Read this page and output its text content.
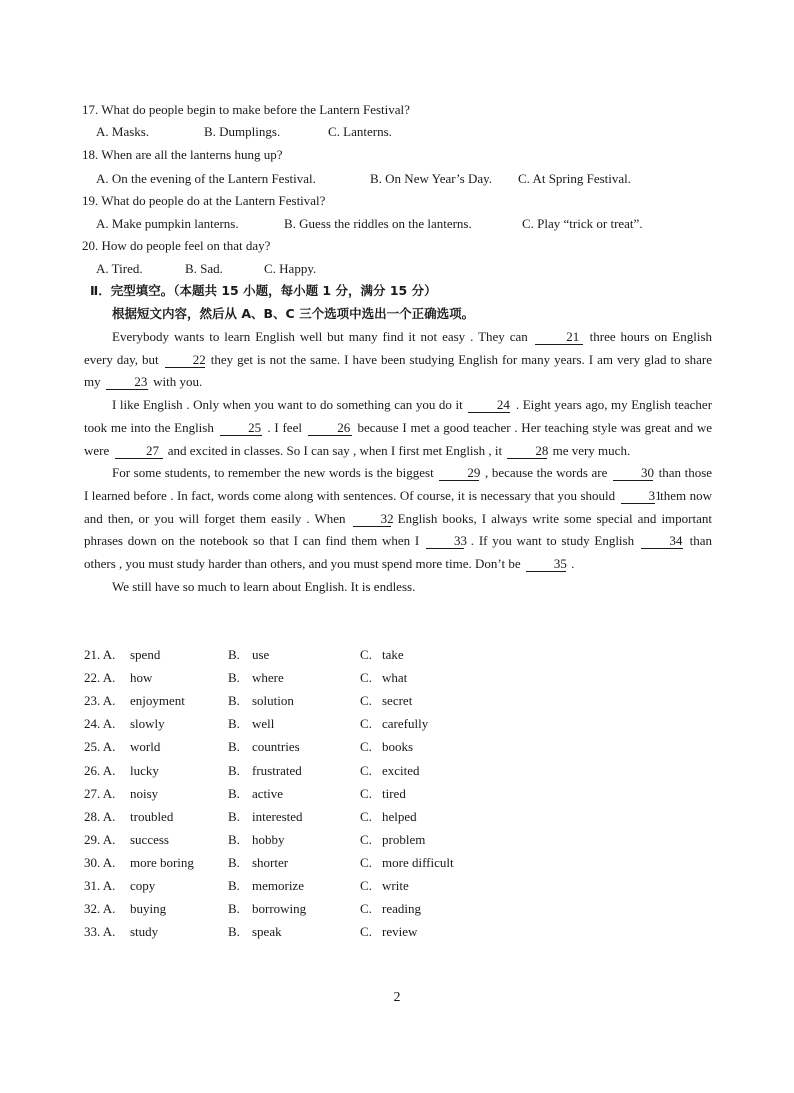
17. What do people begin to make before the Lantern Festival?
A. Masks.	B. Dumplings.	C. Lanterns.
18. When are all the lanterns hung up?
A. On the evening of the Lantern Festival.	B. On New Year’s Day. C. At Spring Festival.
19. What do people do at the Lantern Festival?
A. Make pumpkin lanterns.	B. Guess the riddles on the lanterns.	C. Play “trick or treat”.
20. How do people feel on that day?
A. Tired.	B. Sad.	C. Happy.
Ⅱ．完型填空。（本题共 15 小题，每小题 1 分，满分 15 分）
根据短文内容，然后从 A、B、C 三个选项中选出一个正确选项。

Everybody wants to learn English well but many find it not easy . They can	21 three hours on English every day, but	22 they get is not the same. I have been studying English for many years. I am very glad to share my	23 with you.

I like English . Only when you want to do something can you do it	24 . Eight years ago, my English teacher took me into the English	25 . I feel	26 because I met a good teacher . Her teaching style was great and we were	27 and excited in classes. So I can say , when I first met English , it	28 me very much.

For some students, to remember the new words is the biggest	29 , because the words are	30 than those I learned before . In fact, words come along with sentences. Of course, it is necessary that you should	31 them now and then, or you will forget them easily . When	32 English books, I always write some special and important phrases down on the notebook so that I can find them when I	33 . If you want to study English	34 than others , you must study harder than others, and you must spend more time. Don’t be	35 .

We still have so much to learn about English. It is endless.

21. A. spend	B. use	C. take
22. A. how	B. where	C. what
23. A. enjoyment	B. solution	C. secret
24. A. slowly	B. well	C. carefully
25. A. world	B. countries	C. books
26. A. lucky	B. frustrated	C. excited
27. A. noisy	B. active	C. tired
28. A. troubled	B. interested	C. helped
29. A. success	B. hobby	C. problem
30. A. more boring	B. shorter	C. more difficult
31. A. copy	B. memorize	C. write
32. A. buying	B. borrowing	C. reading
33. A. study	B. speak	C. review
2
